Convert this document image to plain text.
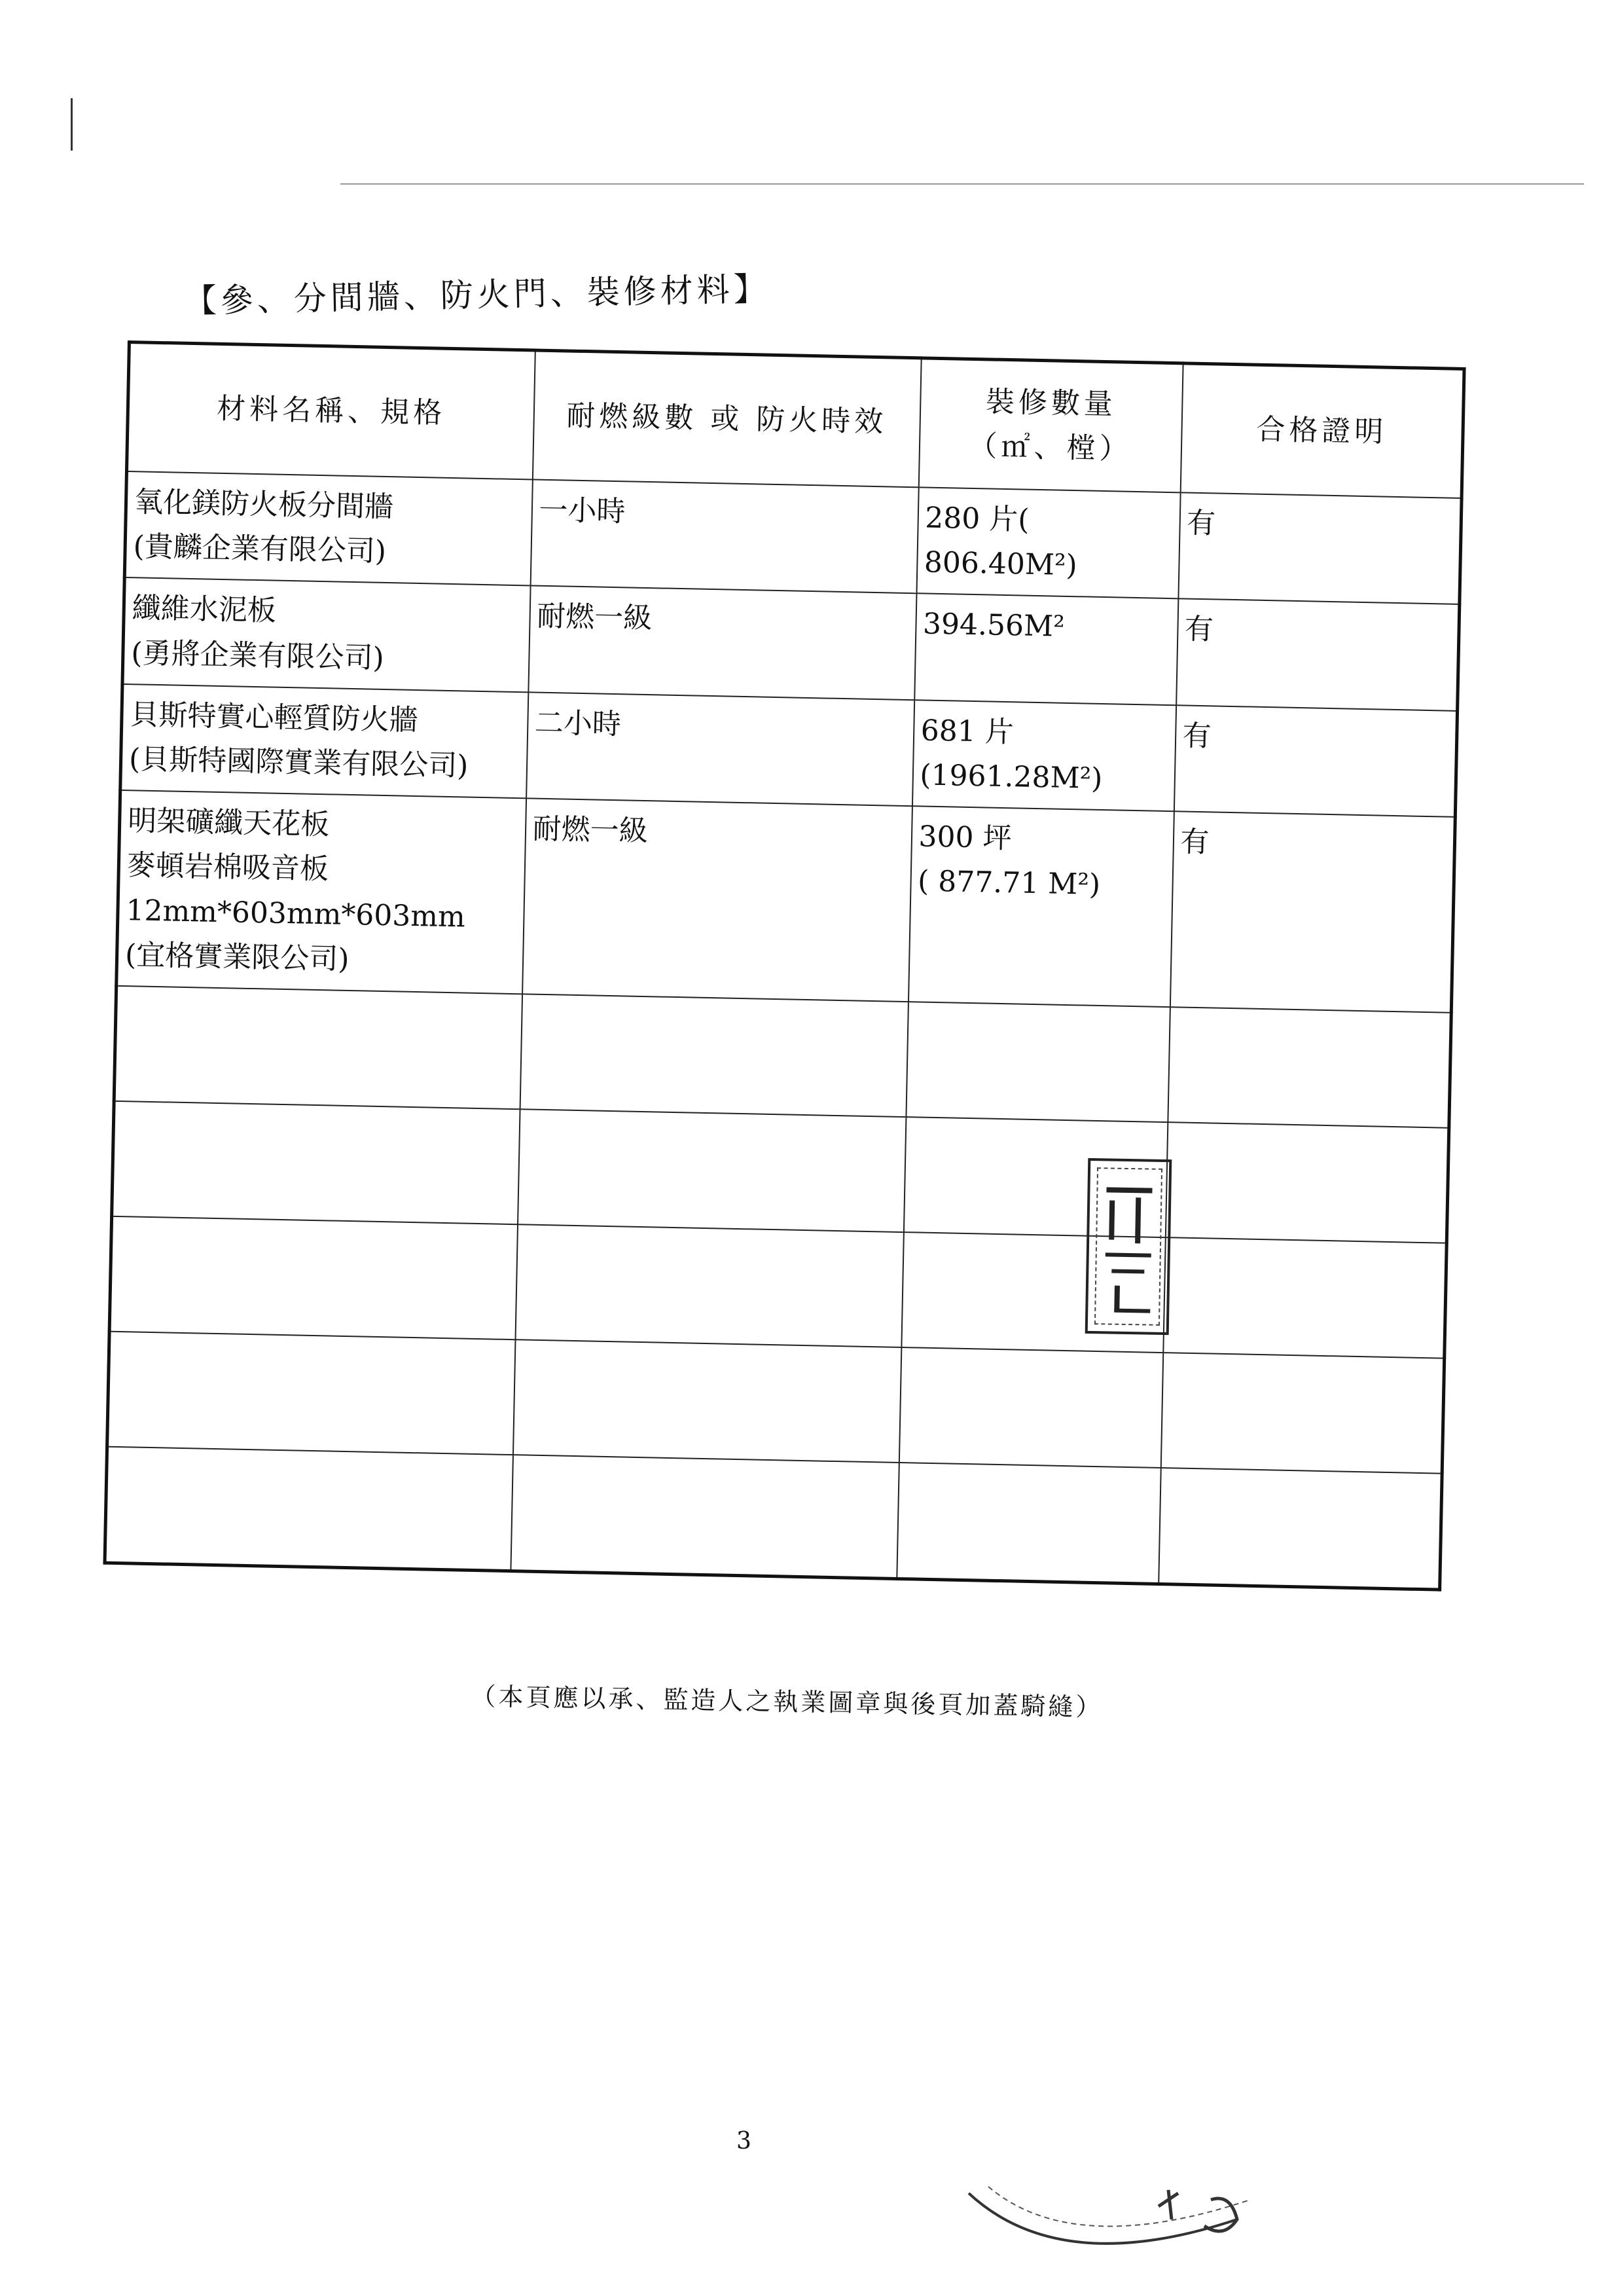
【參、分間牆、防火門、裝修材料】
材料名稱、規格	耐燃級數 或 防火時效	裝修數量
（㎡、樘）	合格證明

氧化鎂防火板分間牆
(貴麟企業有限公司)	一小時	280 片( 806.40M²)	有

纖維水泥板
(勇將企業有限公司)	耐燃一級	394.56M²	有

貝斯特實心輕質防火牆
(貝斯特國際實業有限公司)	二小時	681 片(1961.28M²)	有

明架礦纖天花板
麥頓岩棉吸音板
12mm*603mm*603mm
(宜格實業限公司)	耐燃一級	300 坪
( 877.71 M²)	有

（本頁應以承、監造人之執業圖章與後頁加蓋騎縫）
3
